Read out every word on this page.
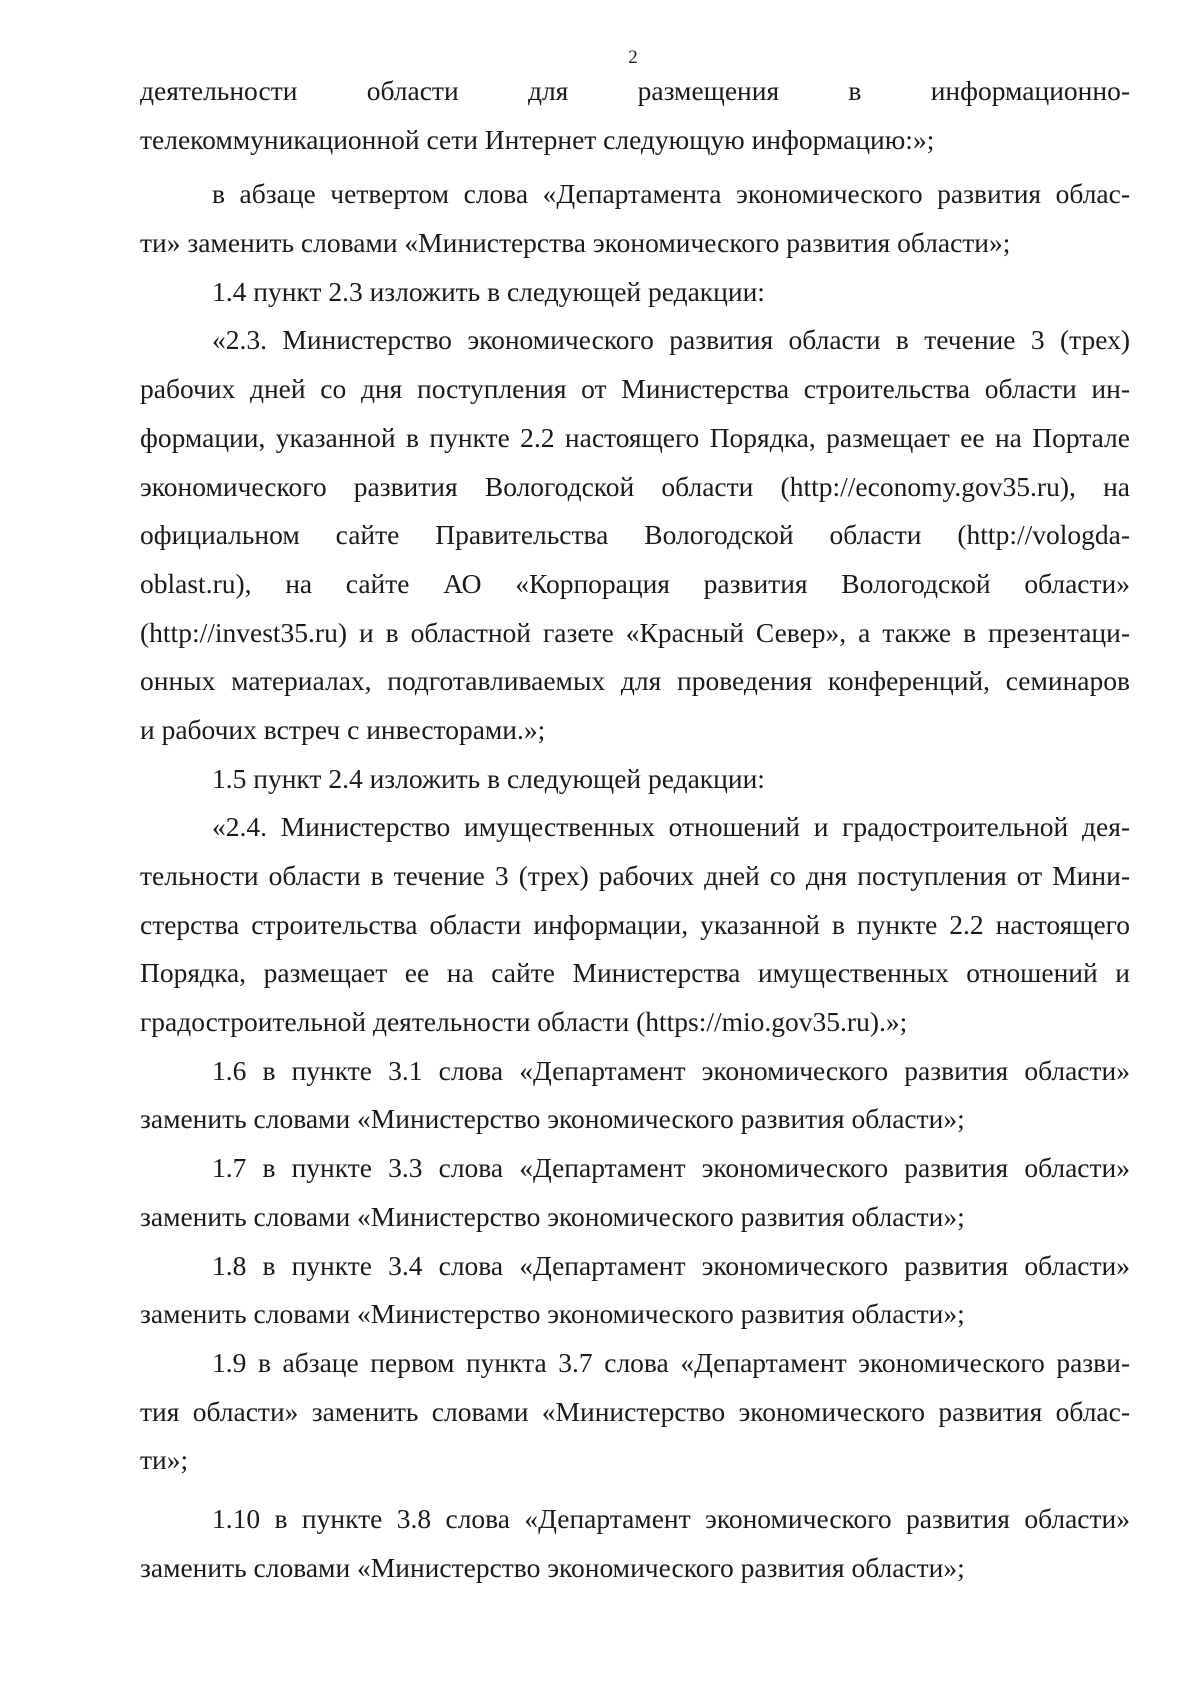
2
деятельности области для размещения в информационно-
телекоммуникационной сети Интернет следующую информацию:»;
в абзаце четвертом слова «Департамента экономического развития облас-
ти» заменить словами «Министерства экономического развития области»;
1.4 пункт 2.3 изложить в следующей редакции:
«2.3. Министерство экономического развития области в течение 3 (трех)
рабочих дней со дня поступления от Министерства строительства области ин-
формации, указанной в пункте 2.2 настоящего Порядка, размещает ее на Портале
экономического развития Вологодской области (http://economy.gov35.ru), на
официальном сайте Правительства Вологодской области (http://vologda-
oblast.ru), на сайте АО «Корпорация развития Вологодской области»
(http://invest35.ru) и в областной газете «Красный Север», а также в презентаци-
онных материалах, подготавливаемых для проведения конференций, семинаров
и рабочих встреч с инвесторами.»;
1.5 пункт 2.4 изложить в следующей редакции:
«2.4. Министерство имущественных отношений и градостроительной дея-
тельности области в течение 3 (трех) рабочих дней со дня поступления от Мини-
стерства строительства области информации, указанной в пункте 2.2 настоящего
Порядка, размещает ее на сайте Министерства имущественных отношений и
градостроительной деятельности области (https://mio.gov35.ru).»;
1.6 в пункте 3.1 слова «Департамент экономического развития области»
заменить словами «Министерство экономического развития области»;
1.7 в пункте 3.3 слова «Департамент экономического развития области»
заменить словами «Министерство экономического развития области»;
1.8 в пункте 3.4 слова «Департамент экономического развития области»
заменить словами «Министерство экономического развития области»;
1.9 в абзаце первом пункта 3.7 слова «Департамент экономического разви-
тия области» заменить словами «Министерство экономического развития облас-
ти»;
1.10 в пункте 3.8 слова «Департамент экономического развития области»
заменить словами «Министерство экономического развития области»;
